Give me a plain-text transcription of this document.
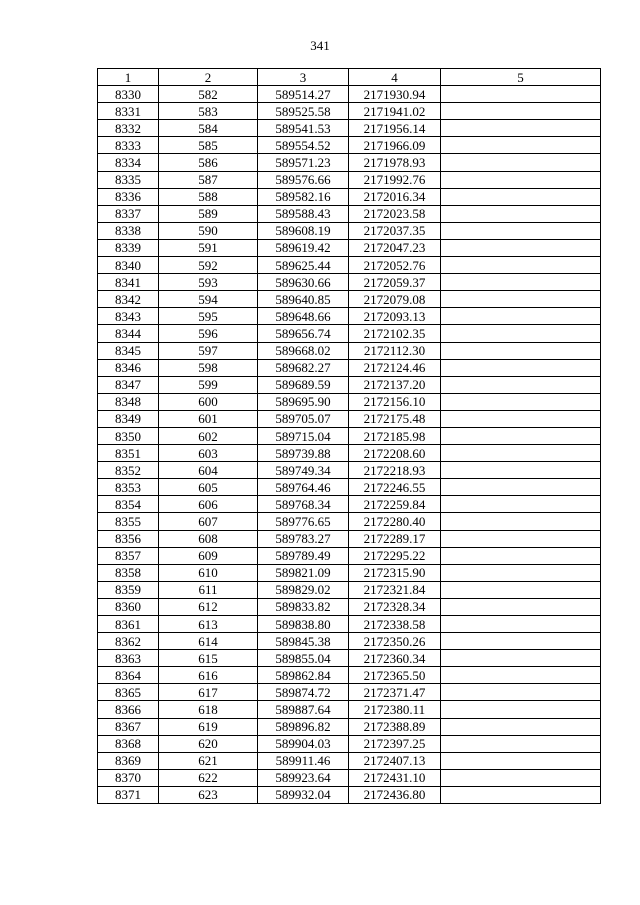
341
1	2	3	4	5
8330	582	589514.27	2171930.94	
8331	583	589525.58	2171941.02	
8332	584	589541.53	2171956.14	
8333	585	589554.52	2171966.09	
8334	586	589571.23	2171978.93	
8335	587	589576.66	2171992.76	
8336	588	589582.16	2172016.34	
8337	589	589588.43	2172023.58	
8338	590	589608.19	2172037.35	
8339	591	589619.42	2172047.23	
8340	592	589625.44	2172052.76	
8341	593	589630.66	2172059.37	
8342	594	589640.85	2172079.08	
8343	595	589648.66	2172093.13	
8344	596	589656.74	2172102.35	
8345	597	589668.02	2172112.30	
8346	598	589682.27	2172124.46	
8347	599	589689.59	2172137.20	
8348	600	589695.90	2172156.10	
8349	601	589705.07	2172175.48	
8350	602	589715.04	2172185.98	
8351	603	589739.88	2172208.60	
8352	604	589749.34	2172218.93	
8353	605	589764.46	2172246.55	
8354	606	589768.34	2172259.84	
8355	607	589776.65	2172280.40	
8356	608	589783.27	2172289.17	
8357	609	589789.49	2172295.22	
8358	610	589821.09	2172315.90	
8359	611	589829.02	2172321.84	
8360	612	589833.82	2172328.34	
8361	613	589838.80	2172338.58	
8362	614	589845.38	2172350.26	
8363	615	589855.04	2172360.34	
8364	616	589862.84	2172365.50	
8365	617	589874.72	2172371.47	
8366	618	589887.64	2172380.11	
8367	619	589896.82	2172388.89	
8368	620	589904.03	2172397.25	
8369	621	589911.46	2172407.13	
8370	622	589923.64	2172431.10	
8371	623	589932.04	2172436.80	
